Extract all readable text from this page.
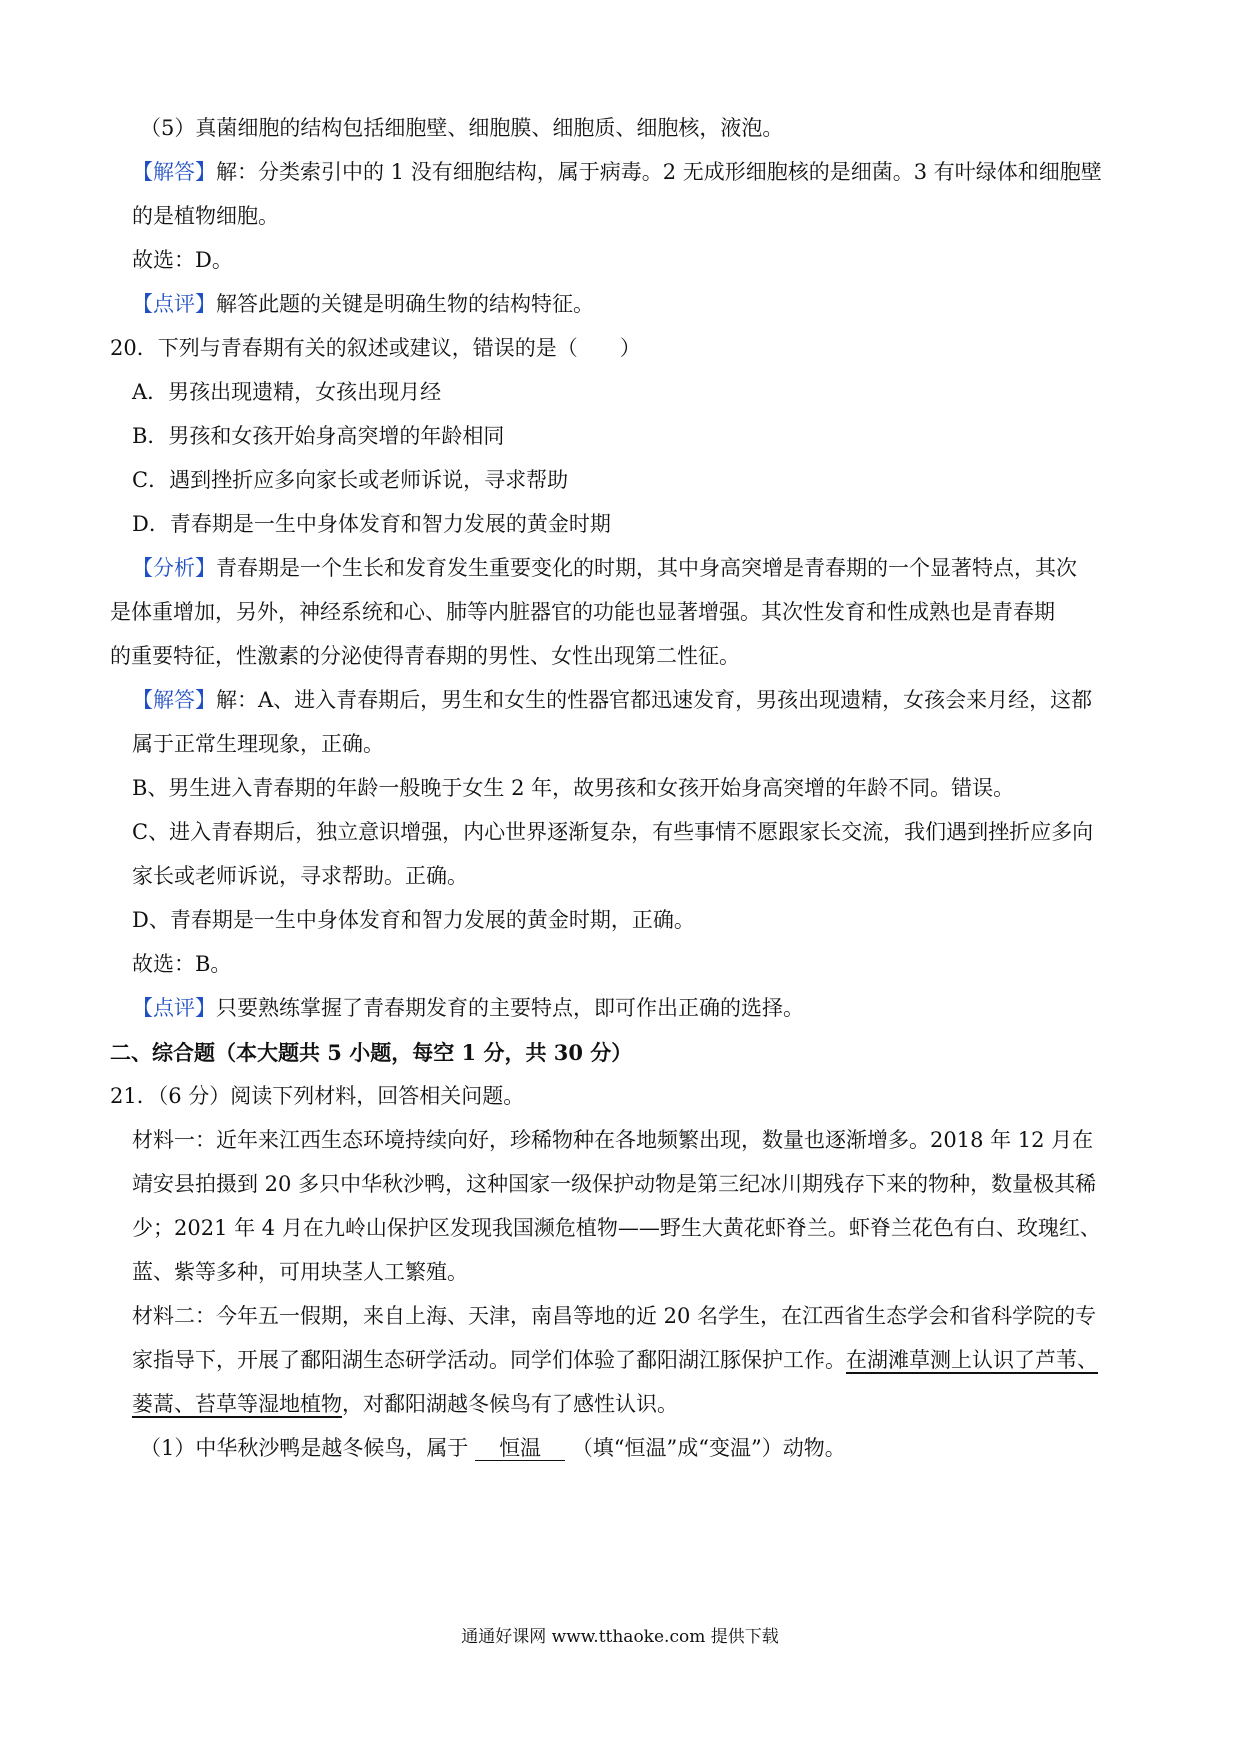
（5）真菌细胞的结构包括细胞壁、细胞膜、细胞质、细胞核，液泡。
【解答】解：分类索引中的 1 没有细胞结构，属于病毒。2 无成形细胞核的是细菌。3 有叶绿体和细胞壁
的是植物细胞。
故选：D。
【点评】解答此题的关键是明确生物的结构特征。
20．下列与青春期有关的叙述或建议，错误的是（　　）
A．男孩出现遗精，女孩出现月经
B．男孩和女孩开始身高突增的年龄相同
C．遇到挫折应多向家长或老师诉说，寻求帮助
D．青春期是一生中身体发育和智力发展的黄金时期
【分析】青春期是一个生长和发育发生重要变化的时期，其中身高突增是青春期的一个显著特点，其次
是体重增加，另外，神经系统和心、肺等内脏器官的功能也显著增强。其次性发育和性成熟也是青春期
的重要特征，性激素的分泌使得青春期的男性、女性出现第二性征。
【解答】解：A、进入青春期后，男生和女生的性器官都迅速发育，男孩出现遗精，女孩会来月经，这都
属于正常生理现象，正确。
B、男生进入青春期的年龄一般晚于女生 2 年，故男孩和女孩开始身高突增的年龄不同。错误。
C、进入青春期后，独立意识增强，内心世界逐渐复杂，有些事情不愿跟家长交流，我们遇到挫折应多向
家长或老师诉说，寻求帮助。正确。
D、青春期是一生中身体发育和智力发展的黄金时期，正确。
故选：B。
【点评】只要熟练掌握了青春期发育的主要特点，即可作出正确的选择。
二、综合题（本大题共 5 小题，每空 1 分，共 30 分）
21．（6 分）阅读下列材料，回答相关问题。
材料一：近年来江西生态环境持续向好，珍稀物种在各地频繁出现，数量也逐渐增多。2018 年 12 月在
靖安县拍摄到 20 多只中华秋沙鸭，这种国家一级保护动物是第三纪冰川期残存下来的物种，数量极其稀
少；2021 年 4 月在九岭山保护区发现我国濒危植物——野生大黄花虾脊兰。虾脊兰花色有白、玫瑰红、
蓝、紫等多种，可用块茎人工繁殖。
材料二：今年五一假期，来自上海、天津，南昌等地的近 20 名学生，在江西省生态学会和省科学院的专
家指导下，开展了鄱阳湖生态研学活动。同学们体验了鄱阳湖江豚保护工作。在湖滩草测上认识了芦苇、
蒌蒿、苔草等湿地植物，对鄱阳湖越冬候鸟有了感性认识。
（1）中华秋沙鸭是越冬候鸟，属于 恒温 （填“恒温”成“变温”）动物。
通通好课网 www.tthaoke.com 提供下载
